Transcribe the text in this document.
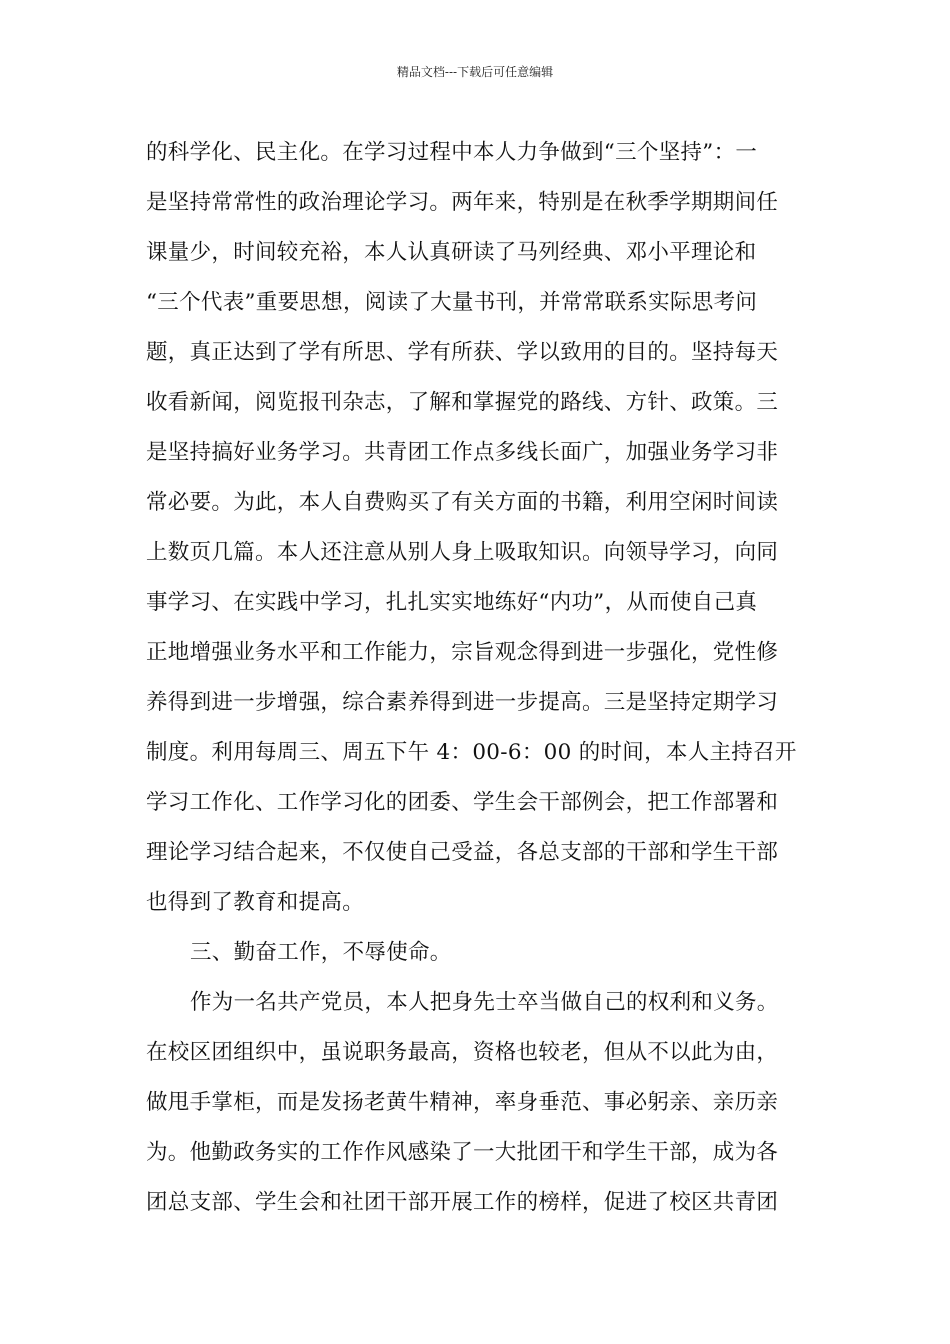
精品文档---下载后可任意编辑
的科学化、民主化。在学习过程中本人力争做到“三个坚持”：一
是坚持常常性的政治理论学习。两年来，特别是在秋季学期期间任
课量少，时间较充裕，本人认真研读了马列经典、邓小平理论和
“三个代表”重要思想，阅读了大量书刊，并常常联系实际思考问
题，真正达到了学有所思、学有所获、学以致用的目的。坚持每天
收看新闻，阅览报刊杂志，了解和掌握党的路线、方针、政策。三
是坚持搞好业务学习。共青团工作点多线长面广，加强业务学习非
常必要。为此，本人自费购买了有关方面的书籍，利用空闲时间读
上数页几篇。本人还注意从别人身上吸取知识。向领导学习，向同
事学习、在实践中学习，扎扎实实地练好“内功”，从而使自己真
正地增强业务水平和工作能力，宗旨观念得到进一步强化，党性修
养得到进一步增强，综合素养得到进一步提高。三是坚持定期学习
制度。利用每周三、周五下午 4：00-6：00 的时间，本人主持召开
学习工作化、工作学习化的团委、学生会干部例会，把工作部署和
理论学习结合起来，不仅使自己受益，各总支部的干部和学生干部
也得到了教育和提高。
三、勤奋工作，不辱使命。
作为一名共产党员，本人把身先士卒当做自己的权利和义务。
在校区团组织中，虽说职务最高，资格也较老，但从不以此为由，
做甩手掌柜，而是发扬老黄牛精神，率身垂范、事必躬亲、亲历亲
为。他勤政务实的工作作风感染了一大批团干和学生干部，成为各
团总支部、学生会和社团干部开展工作的榜样，促进了校区共青团
